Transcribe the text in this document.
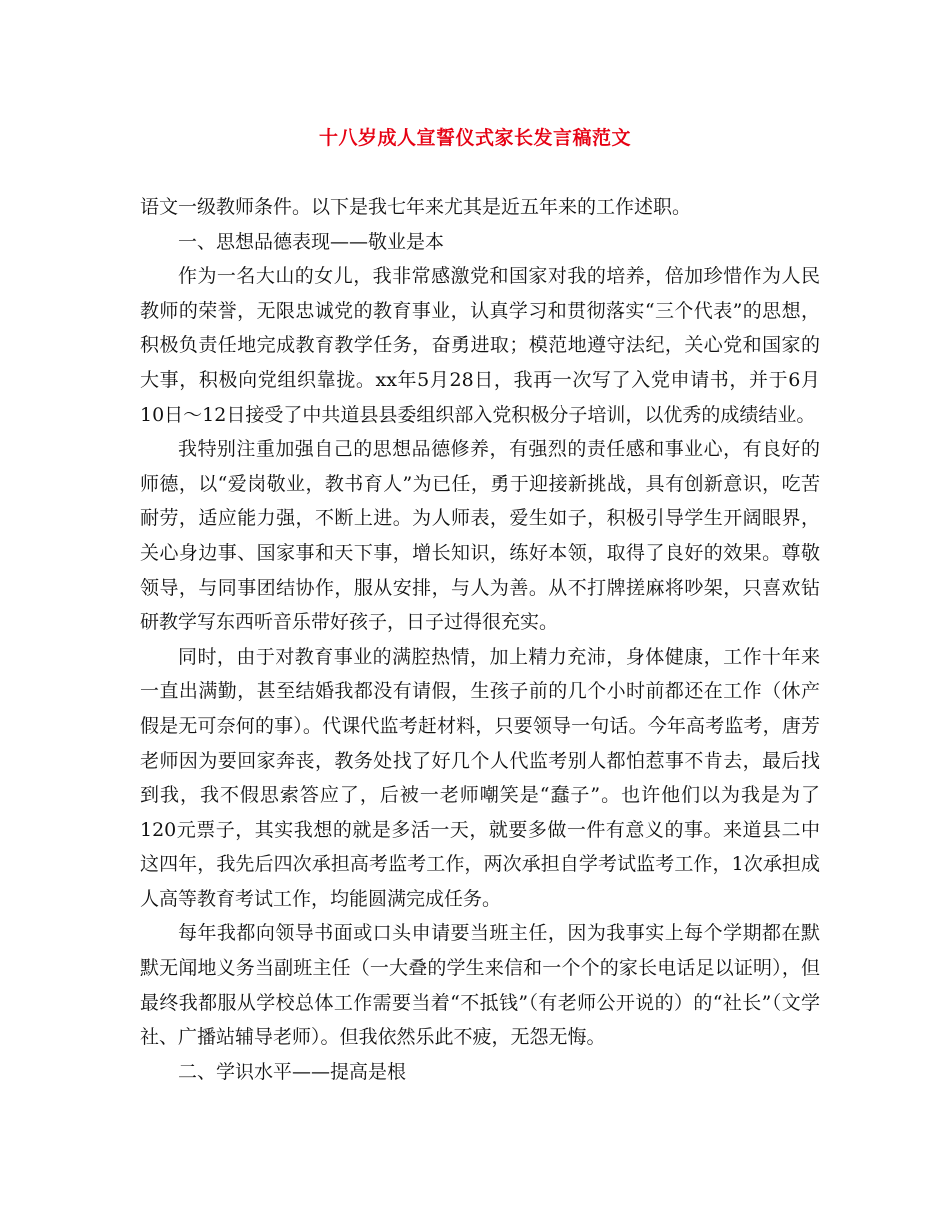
十八岁成人宣誓仪式家长发言稿范文

语文一级教师条件。以下是我七年来尤其是近五年来的工作述职。

一、思想品德表现——敬业是本

作为一名大山的女儿，我非常感激党和国家对我的培养，倍加珍惜作为人民教师的荣誉，无限忠诚党的教育事业，认真学习和贯彻落实“三个代表”的思想，积极负责任地完成教育教学任务，奋勇进取；模范地遵守法纪，关心党和国家的大事，积极向党组织靠拢。xx年5月28日，我再一次写了入党申请书，并于6月10日～12日接受了中共道县县委组织部入党积极分子培训，以优秀的成绩结业。

我特别注重加强自己的思想品德修养，有强烈的责任感和事业心，有良好的师德，以“爱岗敬业，教书育人”为已任，勇于迎接新挑战，具有创新意识，吃苦耐劳，适应能力强，不断上进。为人师表，爱生如子，积极引导学生开阔眼界，关心身边事、国家事和天下事，增长知识，练好本领，取得了良好的效果。尊敬领导，与同事团结协作，服从安排，与人为善。从不打牌搓麻将吵架，只喜欢钻研教学写东西听音乐带好孩子，日子过得很充实。

同时，由于对教育事业的满腔热情，加上精力充沛，身体健康，工作十年来一直出满勤，甚至结婚我都没有请假，生孩子前的几个小时前都还在工作（休产假是无可奈何的事）。代课代监考赶材料，只要领导一句话。今年高考监考，唐芳老师因为要回家奔丧，教务处找了好几个人代监考别人都怕惹事不肯去，最后找到我，我不假思索答应了，后被一老师嘲笑是“蠢子”。也许他们以为我是为了120元票子，其实我想的就是多活一天，就要多做一件有意义的事。来道县二中这四年，我先后四次承担高考监考工作，两次承担自学考试监考工作，1次承担成人高等教育考试工作，均能圆满完成任务。

每年我都向领导书面或口头申请要当班主任，因为我事实上每个学期都在默默无闻地义务当副班主任（一大叠的学生来信和一个个的家长电话足以证明），但最终我都服从学校总体工作需要当着“不抵钱”（有老师公开说的）的“社长”（文学社、广播站辅导老师）。但我依然乐此不疲，无怨无悔。

二、学识水平——提高是根
